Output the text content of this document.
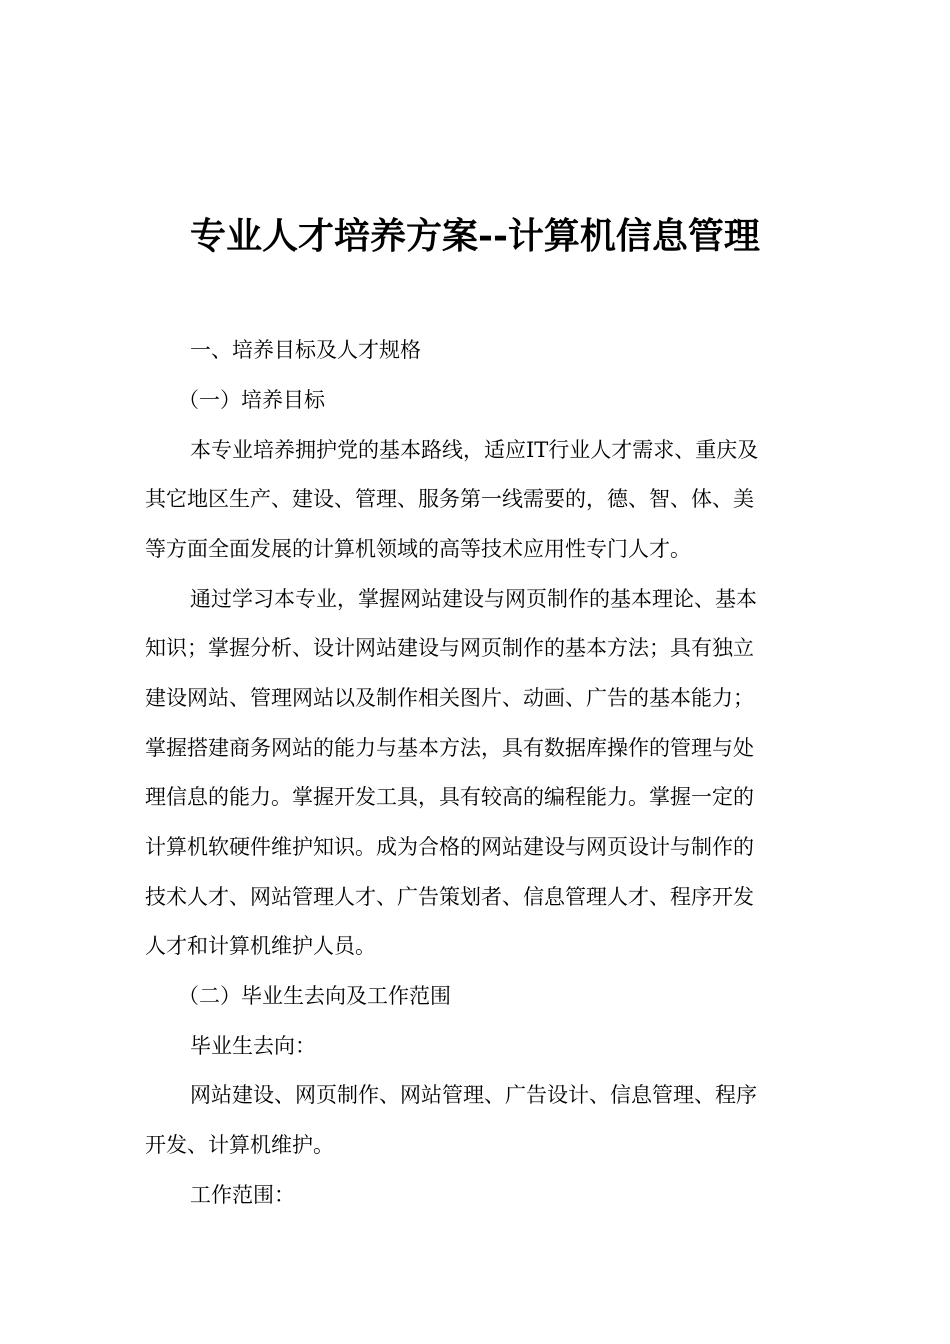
专业人才培养方案--计算机信息管理
一、培养目标及人才规格
（一）培养目标
本专业培养拥护党的基本路线，适应IT行业人才需求、重庆及
其它地区生产、建设、管理、服务第一线需要的，德、智、体、美
等方面全面发展的计算机领域的高等技术应用性专门人才。
通过学习本专业，掌握网站建设与网页制作的基本理论、基本
知识；掌握分析、设计网站建设与网页制作的基本方法；具有独立
建设网站、管理网站以及制作相关图片、动画、广告的基本能力；
掌握搭建商务网站的能力与基本方法，具有数据库操作的管理与处
理信息的能力。掌握开发工具，具有较高的编程能力。掌握一定的
计算机软硬件维护知识。成为合格的网站建设与网页设计与制作的
技术人才、网站管理人才、广告策划者、信息管理人才、程序开发
人才和计算机维护人员。
（二）毕业生去向及工作范围
毕业生去向：
网站建设、网页制作、网站管理、广告设计、信息管理、程序
开发、计算机维护。
工作范围：
